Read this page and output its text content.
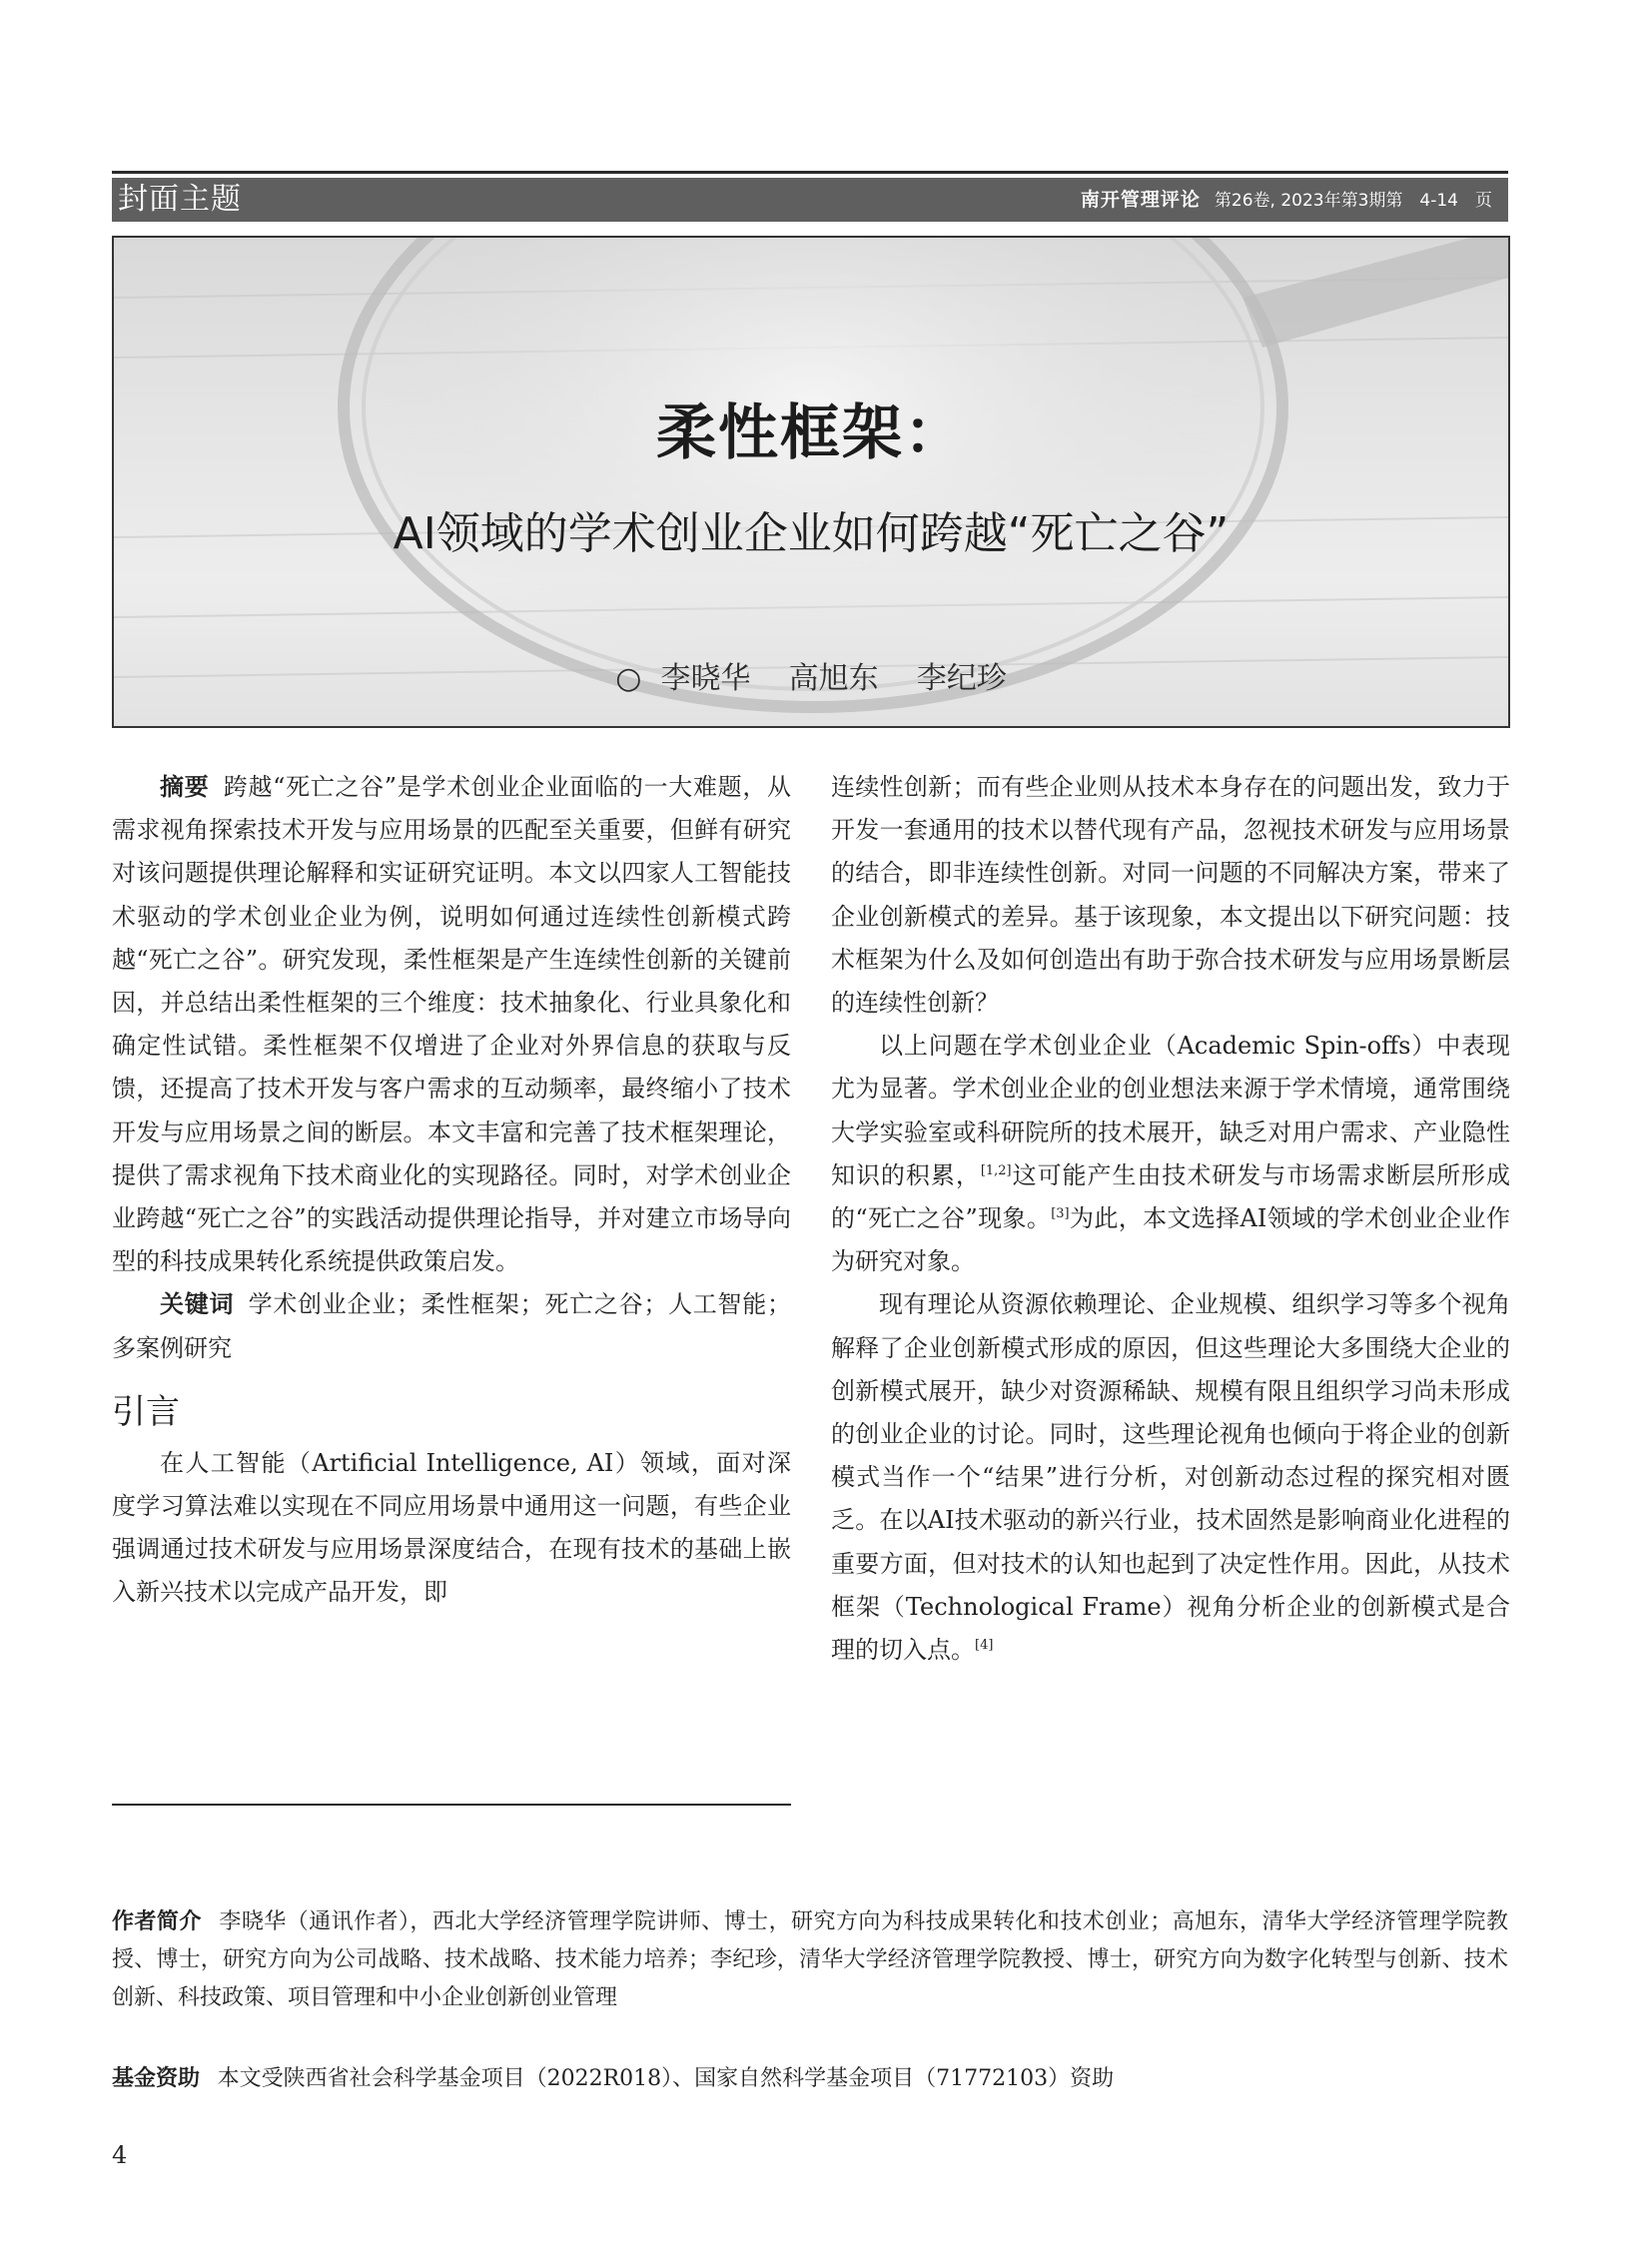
封面主题	南开管理评论 第26卷, 2023年第3期第　4-14　页
柔性框架：
AI领域的学术创业企业如何跨越“死亡之谷”
○  李晓华    高旭东    李纪珍

摘要 跨越“死亡之谷”是学术创业企业面临的一大难题，从需求视角探索技术开发与应用场景的匹配至关重要，但鲜有研究对该问题提供理论解释和实证研究证明。本文以四家人工智能技术驱动的学术创业企业为例，说明如何通过连续性创新模式跨越“死亡之谷”。研究发现，柔性框架是产生连续性创新的关键前因，并总结出柔性框架的三个维度：技术抽象化、行业具象化和确定性试错。柔性框架不仅增进了企业对外界信息的获取与反馈，还提高了技术开发与客户需求的互动频率，最终缩小了技术开发与应用场景之间的断层。本文丰富和完善了技术框架理论，提供了需求视角下技术商业化的实现路径。同时，对学术创业企业跨越“死亡之谷”的实践活动提供理论指导，并对建立市场导向型的科技成果转化系统提供政策启发。

关键词 学术创业企业；柔性框架；死亡之谷；人工智能；多案例研究

引言

在人工智能（Artificial Intelligence, AI）领域，面对深度学习算法难以实现在不同应用场景中通用这一问题，有些企业强调通过技术研发与应用场景深度结合，在现有技术的基础上嵌入新兴技术以完成产品开发，即

连续性创新；而有些企业则从技术本身存在的问题出发，致力于开发一套通用的技术以替代现有产品，忽视技术研发与应用场景的结合，即非连续性创新。对同一问题的不同解决方案，带来了企业创新模式的差异。基于该现象，本文提出以下研究问题：技术框架为什么及如何创造出有助于弥合技术研发与应用场景断层的连续性创新？

以上问题在学术创业企业（Academic Spin-offs）中表现尤为显著。学术创业企业的创业想法来源于学术情境，通常围绕大学实验室或科研院所的技术展开，缺乏对用户需求、产业隐性知识的积累，[1,2]这可能产生由技术研发与市场需求断层所形成的“死亡之谷”现象。[3]为此，本文选择AI领域的学术创业企业作为研究对象。

现有理论从资源依赖理论、企业规模、组织学习等多个视角解释了企业创新模式形成的原因，但这些理论大多围绕大企业的创新模式展开，缺少对资源稀缺、规模有限且组织学习尚未形成的创业企业的讨论。同时，这些理论视角也倾向于将企业的创新模式当作一个“结果”进行分析，对创新动态过程的探究相对匮乏。在以AI技术驱动的新兴行业，技术固然是影响商业化进程的重要方面，但对技术的认知也起到了决定性作用。因此，从技术框架（Technological Frame）视角分析企业的创新模式是合理的切入点。[4]

作者简介 李晓华（通讯作者），西北大学经济管理学院讲师、博士，研究方向为科技成果转化和技术创业；高旭东，清华大学经济管理学院教授、博士，研究方向为公司战略、技术战略、技术能力培养；李纪珍，清华大学经济管理学院教授、博士，研究方向为数字化转型与创新、技术创新、科技政策、项目管理和中小企业创新创业管理
基金资助 本文受陕西省社会科学基金项目（2022R018）、国家自然科学基金项目（71772103）资助
4
